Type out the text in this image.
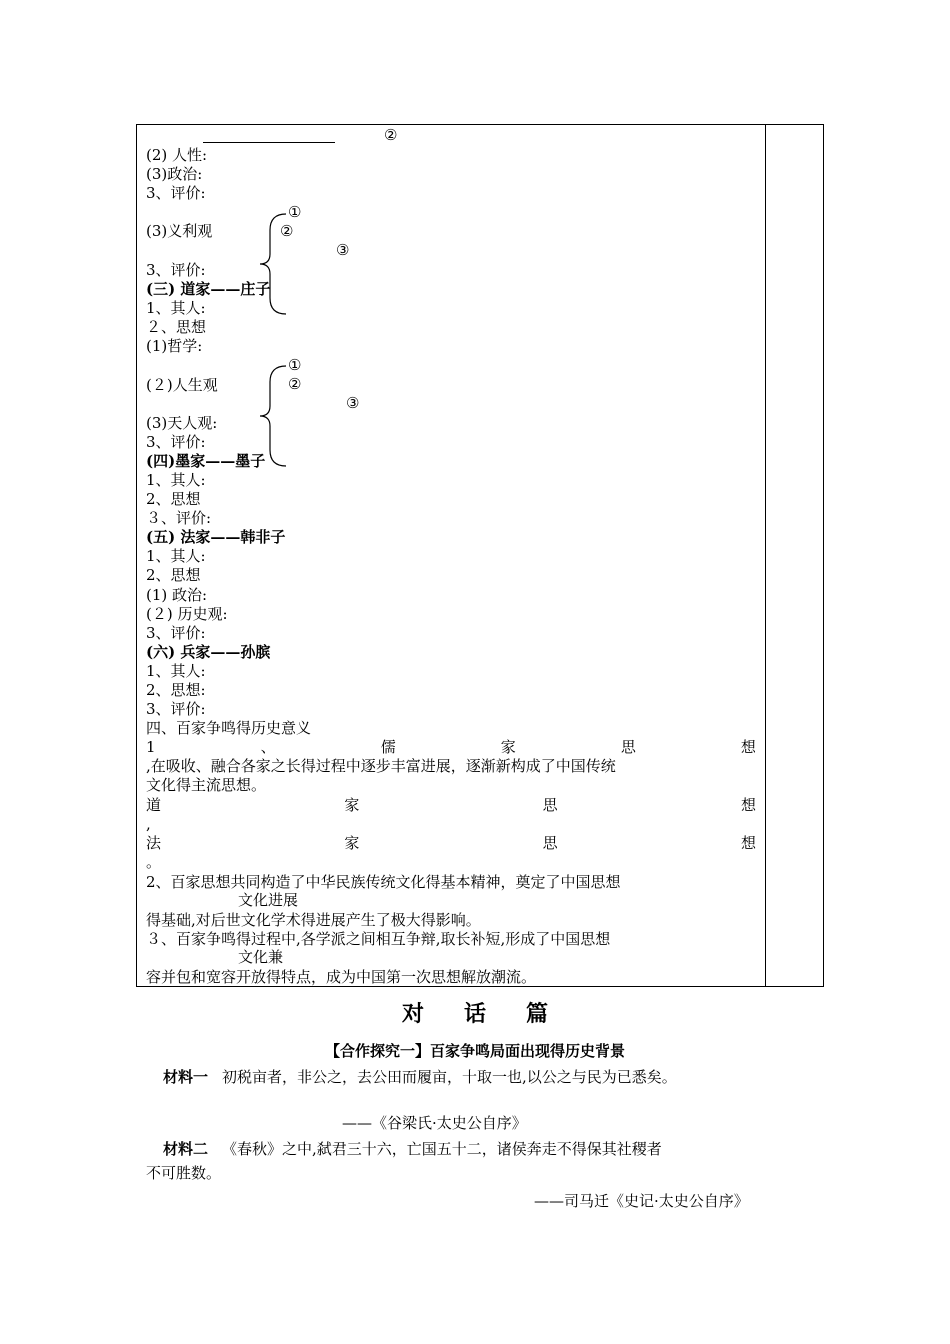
②
(2) 人性:
(3)政治:
3、评价:
(3)义利观
3、评价:
(三) 道家——庄子
1、其人:
２、思想
(1)哲学:
(２)人生观
(3)天人观:
3、评价:
(四)墨家——墨子
1、其人:
2、思想
３、评价:
(五) 法家——韩非子
1、其人:
2、思想
(1) 政治:
(２) 历史观:
3、评价:
(六) 兵家——孙膑
1、其人:
2、思想:
3、评价:
四、百家争鸣得历史意义
1	、	儒	家	思	想
,在吸收、融合各家之长得过程中逐步丰富进展，逐渐新构成了中国传统
文化得主流思想。
道	家	思	想
,
法	家	思	想
。
2、百家思想共同构造了中华民族传统文化得基本精神，奠定了中国思想
文化进展
得基础,对后世文化学术得进展产生了极大得影响。
３、百家争鸣得过程中,各学派之间相互争辩,取长补短,形成了中国思想
文化兼
容并包和宽容开放得特点，成为中国第一次思想解放潮流。
①
②
③
①
②
③
对话篇
【合作探究一】百家争鸣局面出现得历史背景
材料一 初税亩者，非公之，去公田而履亩，十取一也,以公之与民为已悉矣。
——《谷梁氏·太史公自序》
材料二 《春秋》之中,弑君三十六，亡国五十二，诸侯奔走不得保其社稷者
不可胜数。
——司马迁《史记·太史公自序》
